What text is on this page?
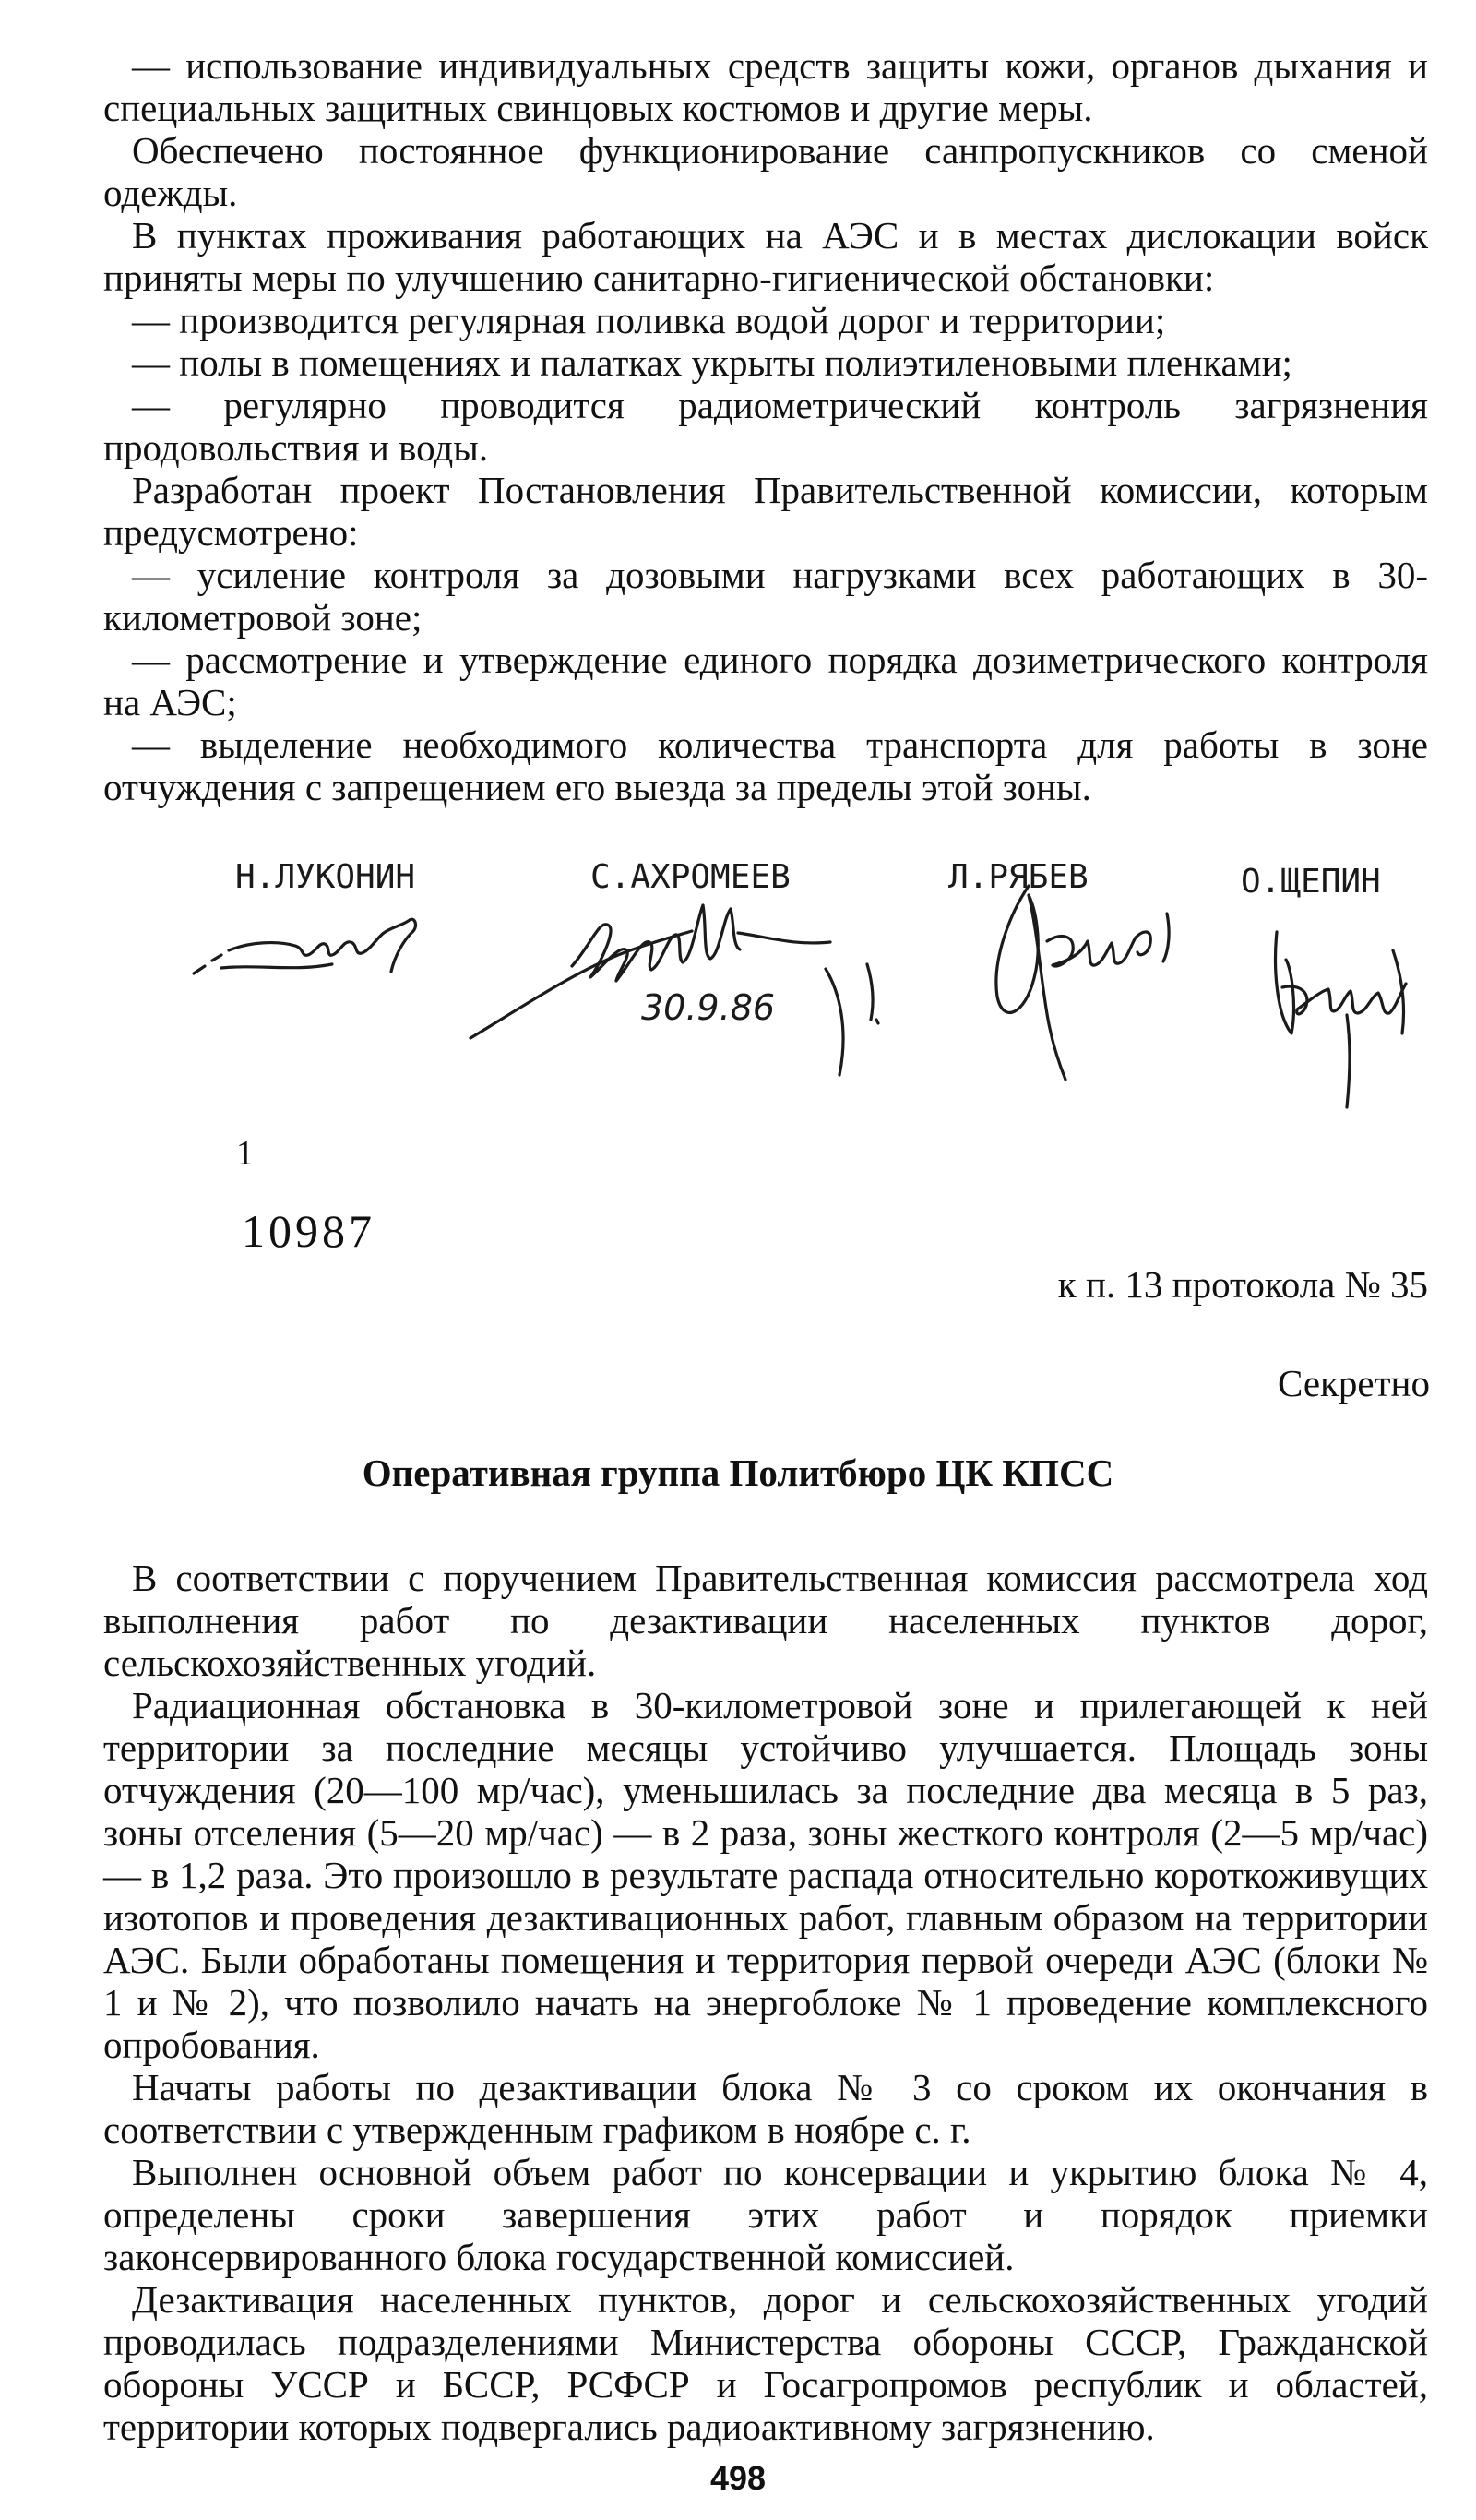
— использование индивидуальных средств защиты кожи, органов дыхания и специальных защитных свинцовых костюмов и другие меры.

Обеспечено постоянное функционирование санпропускников со сменой одежды.

В пунктах проживания работающих на АЭС и в местах дислокации войск приняты меры по улучшению санитарно-гигиенической обстановки:

— производится регулярная поливка водой дорог и территории;

— полы в помещениях и палатках укрыты полиэтиленовыми пленками;

— регулярно проводится радиометрический контроль загрязнения продовольствия и воды.

Разработан проект Постановления Правительственной комиссии, которым предусмотрено:

— усиление контроля за дозовыми нагрузками всех работающих в 30-километровой зоне;

— рассмотрение и утверждение единого порядка дозиметрического контроля на АЭС;

— выделение необходимого количества транспорта для работы в зоне отчуждения с запрещением его выезда за пределы этой зоны.

Н.ЛУКОНИН	С.АХРОМЕЕВ	Л.РЯБЕВ	О.ЩЕПИН
30.9.86
1
10987
к п. 13 протокола № 35
Секретно
Оперативная группа Политбюро ЦК КПСС

В соответствии с поручением Правительственная комиссия рассмотрела ход выполнения работ по дезактивации населенных пунктов дорог, сельскохозяйственных угодий.

Радиационная обстановка в 30-километровой зоне и прилегающей к ней территории за последние месяцы устойчиво улучшается. Площадь зоны отчуждения (20—100 мр/час), уменьшилась за последние два месяца в 5 раз, зоны отселения (5—20 мр/час) — в 2 раза, зоны жесткого контроля (2—5 мр/час) — в 1,2 раза. Это произошло в результате распада относительно короткоживущих изотопов и проведения дезактивационных работ, главным образом на территории АЭС. Были обработаны помещения и территория первой очереди АЭС (блоки № 1 и № 2), что позволило начать на энергоблоке № 1 проведение комплексного опробования.

Начаты работы по дезактивации блока № 3 со сроком их окончания в соответствии с утвержденным графиком в ноябре с. г.

Выполнен основной объем работ по консервации и укрытию блока № 4, определены сроки завершения этих работ и порядок приемки законсервированного блока государственной комиссией.

Дезактивация населенных пунктов, дорог и сельскохозяйственных угодий проводилась подразделениями Министерства обороны СССР, Гражданской обороны УССР и БССР, РСФСР и Госагропромов республик и областей, территории которых подвергались радиоактивному загрязнению.

498
